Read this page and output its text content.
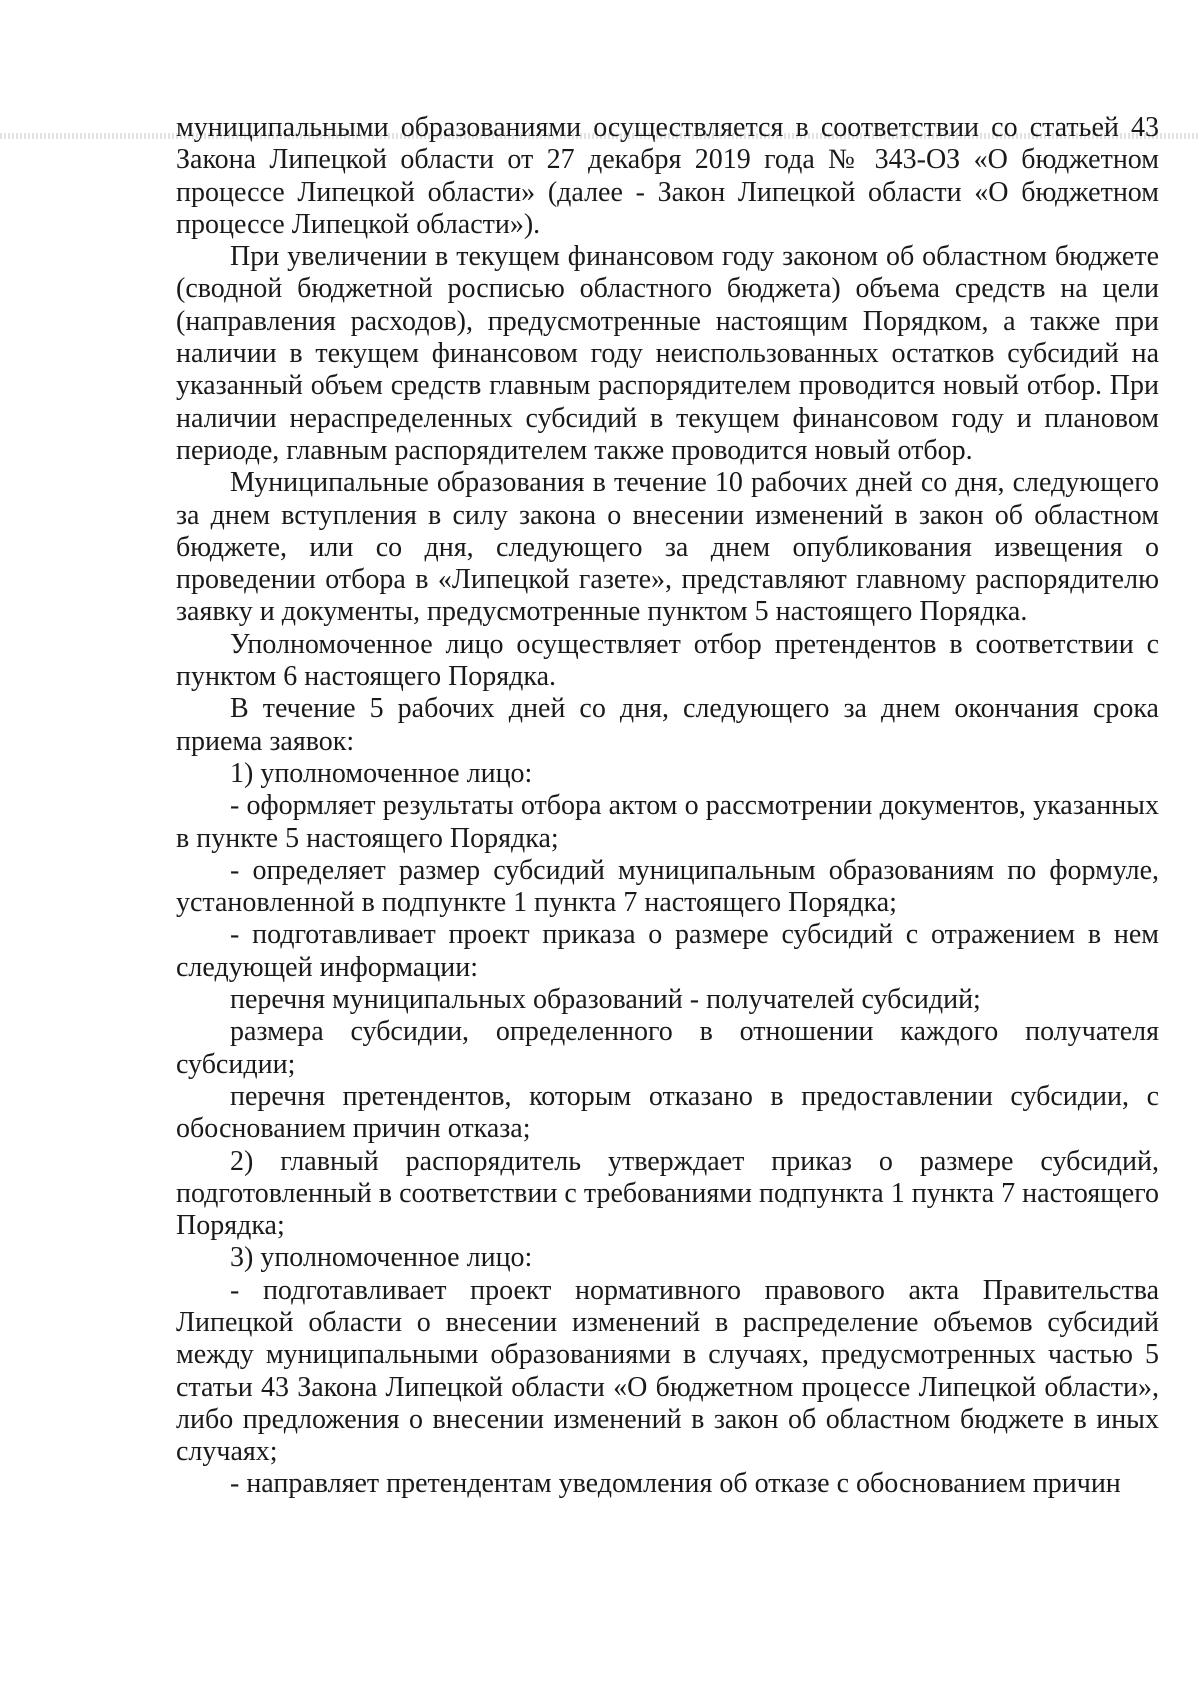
муниципальными образованиями осуществляется в соответствии со статьей 43 Закона Липецкой области от 27 декабря 2019 года № 343-ОЗ «О бюджетном процессе Липецкой области» (далее - Закон Липецкой области «О бюджетном процессе Липецкой области»).

При увеличении в текущем финансовом году законом об областном бюджете (сводной бюджетной росписью областного бюджета) объема средств на цели (направления расходов), предусмотренные настоящим Порядком, а также при наличии в текущем финансовом году неиспользованных остатков субсидий на указанный объем средств главным распорядителем проводится новый отбор. При наличии нераспределенных субсидий в текущем финансовом году и плановом периоде, главным распорядителем также проводится новый отбор.

Муниципальные образования в течение 10 рабочих дней со дня, следующего за днем вступления в силу закона о внесении изменений в закон об областном бюджете, или со дня, следующего за днем опубликования извещения о проведении отбора в «Липецкой газете», представляют главному распорядителю заявку и документы, предусмотренные пунктом 5 настоящего Порядка.

Уполномоченное лицо осуществляет отбор претендентов в соответствии с пунктом 6 настоящего Порядка.

В течение 5 рабочих дней со дня, следующего за днем окончания срока приема заявок:

1) уполномоченное лицо:

- оформляет результаты отбора актом о рассмотрении документов, указанных в пункте 5 настоящего Порядка;

- определяет размер субсидий муниципальным образованиям по формуле, установленной в подпункте 1 пункта 7 настоящего Порядка;

- подготавливает проект приказа о размере субсидий с отражением в нем следующей информации:

перечня муниципальных образований - получателей субсидий;

размера субсидии, определенного в отношении каждого получателя субсидии;

перечня претендентов, которым отказано в предоставлении субсидии, с обоснованием причин отказа;

2) главный распорядитель утверждает приказ о размере субсидий, подготовленный в соответствии с требованиями подпункта 1 пункта 7 настоящего Порядка;

3) уполномоченное лицо:

- подготавливает проект нормативного правового акта Правительства Липецкой области о внесении изменений в распределение объемов субсидий между муниципальными образованиями в случаях, предусмотренных частью 5 статьи 43 Закона Липецкой области «О бюджетном процессе Липецкой области», либо предложения о внесении изменений в закон об областном бюджете в иных случаях;

- направляет претендентам уведомления об отказе с обоснованием причин
